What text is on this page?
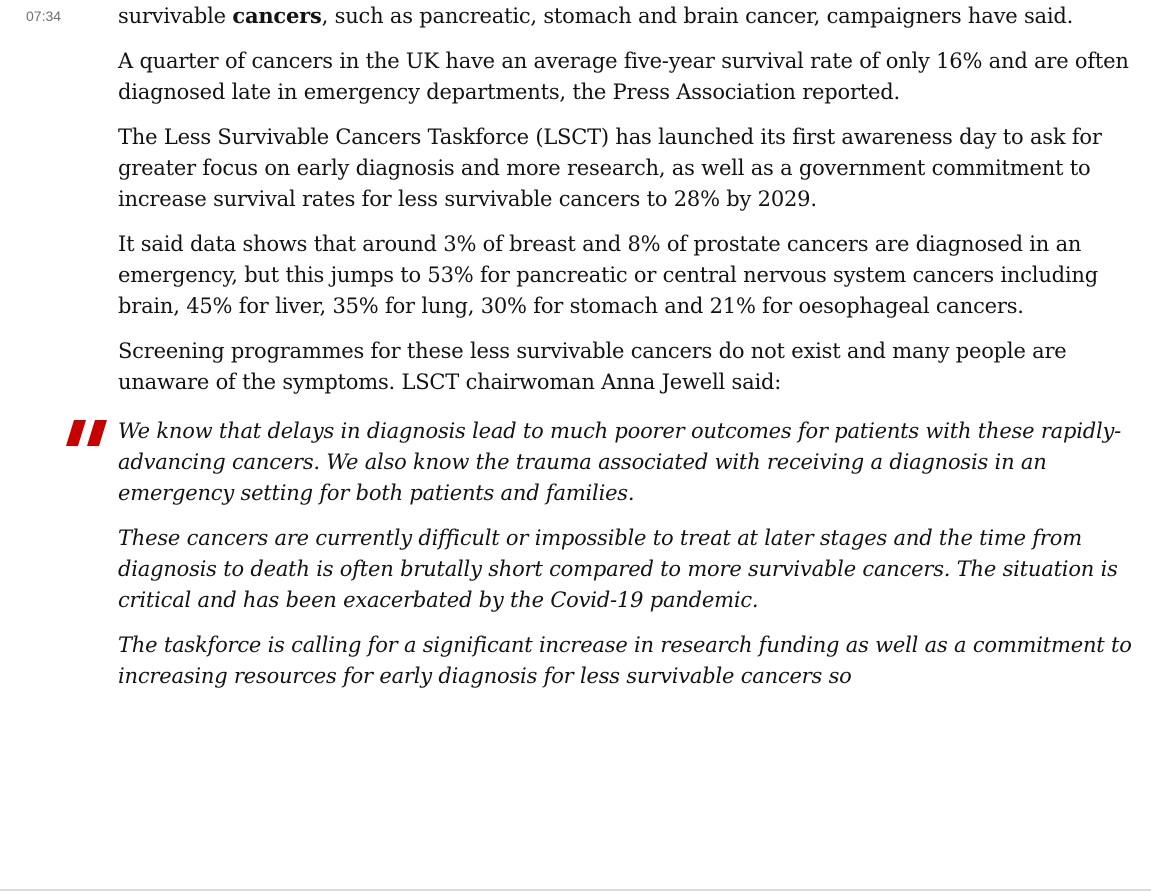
07:34	survivable cancers, such as pancreatic, stomach and brain cancer, campaigners have said.

A quarter of cancers in the UK have an average five-year survival rate of only 16% and are often diagnosed late in emergency departments, the Press Association reported.

The Less Survivable Cancers Taskforce (LSCT) has launched its first awareness day to ask for greater focus on early diagnosis and more research, as well as a government commitment to increase survival rates for less survivable cancers to 28% by 2029.

It said data shows that around 3% of breast and 8% of prostate cancers are diagnosed in an emergency, but this jumps to 53% for pancreatic or central nervous system cancers including brain, 45% for liver, 35% for lung, 30% for stomach and 21% for oesophageal cancers.

Screening programmes for these less survivable cancers do not exist and many people are unaware of the symptoms. LSCT chairwoman Anna Jewell said:

We know that delays in diagnosis lead to much poorer outcomes for patients with these rapidly-advancing cancers. We also know the trauma associated with receiving a diagnosis in an emergency setting for both patients and families.

These cancers are currently difficult or impossible to treat at later stages and the time from diagnosis to death is often brutally short compared to more survivable cancers. The situation is critical and has been exacerbated by the Covid-19 pandemic.

The taskforce is calling for a significant increase in research funding as well as a commitment to increasing resources for early diagnosis for less survivable cancers so
